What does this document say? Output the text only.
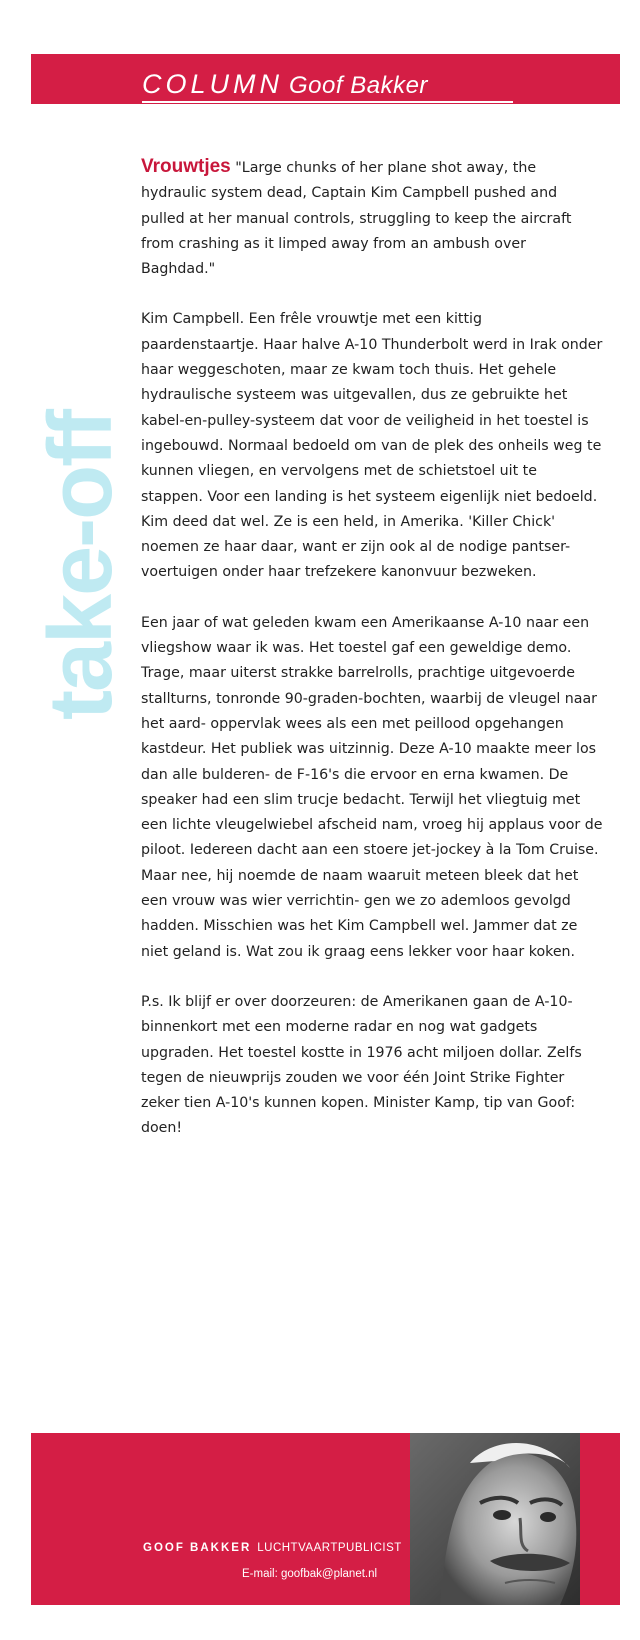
COLUMN Goof Bakker
take-off

Vrouwtjes "Large chunks of her plane shot away, the hydraulic system dead, Captain Kim Campbell pushed and pulled at her manual controls, struggling to keep the aircraft from crashing as it limped away from an ambush over Baghdad."

Kim Campbell. Een frêle vrouwtje met een kittig paardenstaartje. Haar halve A-10 Thunderbolt werd in Irak onder haar weggeschoten, maar ze kwam toch thuis. Het gehele hydraulische systeem was uitgevallen, dus ze gebruikte het kabel-en-pulley-systeem dat voor de veiligheid in het toestel is ingebouwd. Normaal bedoeld om van de plek des onheils weg te kunnen vliegen, en vervolgens met de schietstoel uit te stappen. Voor een landing is het systeem eigenlijk niet bedoeld. Kim deed dat wel. Ze is een held, in Amerika. 'Killer Chick' noemen ze haar daar, want er zijn ook al de nodige pantser- voertuigen onder haar trefzekere kanonvuur bezweken.

Een jaar of wat geleden kwam een Amerikaanse A-10 naar een vliegshow waar ik was. Het toestel gaf een geweldige demo. Trage, maar uiterst strakke barrelrolls, prachtige uitgevoerde stallturns, tonronde 90-graden-bochten, waarbij de vleugel naar het aard- oppervlak wees als een met peillood opgehangen kastdeur. Het publiek was uitzinnig. Deze A-10 maakte meer los dan alle bulderen- de F-16's die ervoor en erna kwamen. De speaker had een slim trucje bedacht. Terwijl het vliegtuig met een lichte vleugelwiebel afscheid nam, vroeg hij applaus voor de piloot. Iedereen dacht aan een stoere jet-jockey à la Tom Cruise. Maar nee, hij noemde de naam waaruit meteen bleek dat het een vrouw was wier verrichtin- gen we zo ademloos gevolgd hadden. Misschien was het Kim Campbell wel. Jammer dat ze niet geland is. Wat zou ik graag eens lekker voor haar koken.

P.s. Ik blijf er over doorzeuren: de Amerikanen gaan de A-10- binnenkort met een moderne radar en nog wat gadgets upgraden. Het toestel kostte in 1976 acht miljoen dollar. Zelfs tegen de nieuwprijs zouden we voor één Joint Strike Fighter zeker tien A-10's kunnen kopen. Minister Kamp, tip van Goof: doen!

GOOF BAKKER LUCHTVAARTPUBLICIST
E-mail: goofbak@planet.nl
